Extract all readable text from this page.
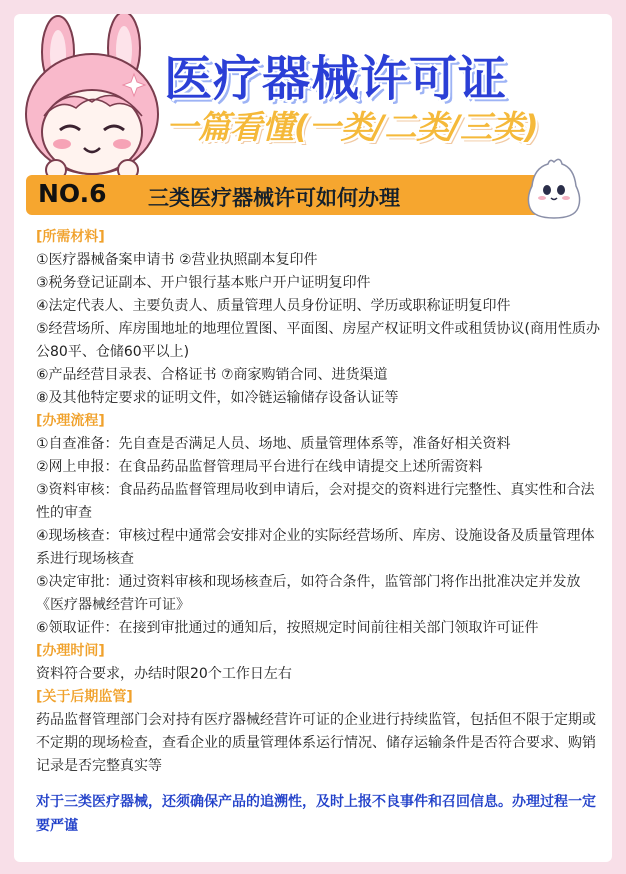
医疗器械许可证
一篇看懂(一类/二类/三类)
NO.6 三类医疗器械许可如何办理

[所需材料]

①医疗器械备案申请书 ②营业执照副本复印件

③税务登记证副本、开户银行基本账户开户证明复印件

④法定代表人、主要负责人、质量管理人员身份证明、学历或职称证明复印件

⑤经营场所、库房围地址的地理位置图、平面图、房屋产权证明文件或租赁协议(商用性质办公80平、仓储60平以上)

⑥产品经营目录表、合格证书 ⑦商家购销合同、进货渠道

⑧及其他特定要求的证明文件，如冷链运输储存设备认证等

[办理流程]

①自查准备：先自查是否满足人员、场地、质量管理体系等，准备好相关资料

②网上申报：在食品药品监督管理局平台进行在线申请提交上述所需资料

③资料审核：食品药品监督管理局收到申请后，会对提交的资料进行完整性、真实性和合法性的审查

④现场核查：审核过程中通常会安排对企业的实际经营场所、库房、设施设备及质量管理体系进行现场核查

⑤决定审批：通过资料审核和现场核查后，如符合条件，监管部门将作出批准决定并发放《医疗器械经营许可证》

⑥领取证件：在接到审批通过的通知后，按照规定时间前往相关部门领取许可证件

[办理时间]

资料符合要求，办结时限20个工作日左右

[关于后期监管]

药品监督管理部门会对持有医疗器械经营许可证的企业进行持续监管，包括但不限于定期或不定期的现场检查，查看企业的质量管理体系运行情况、储存运输条件是否符合要求、购销记录是否完整真实等

对于三类医疗器械，还须确保产品的追溯性，及时上报不良事件和召回信息。办理过程一定要严谨
